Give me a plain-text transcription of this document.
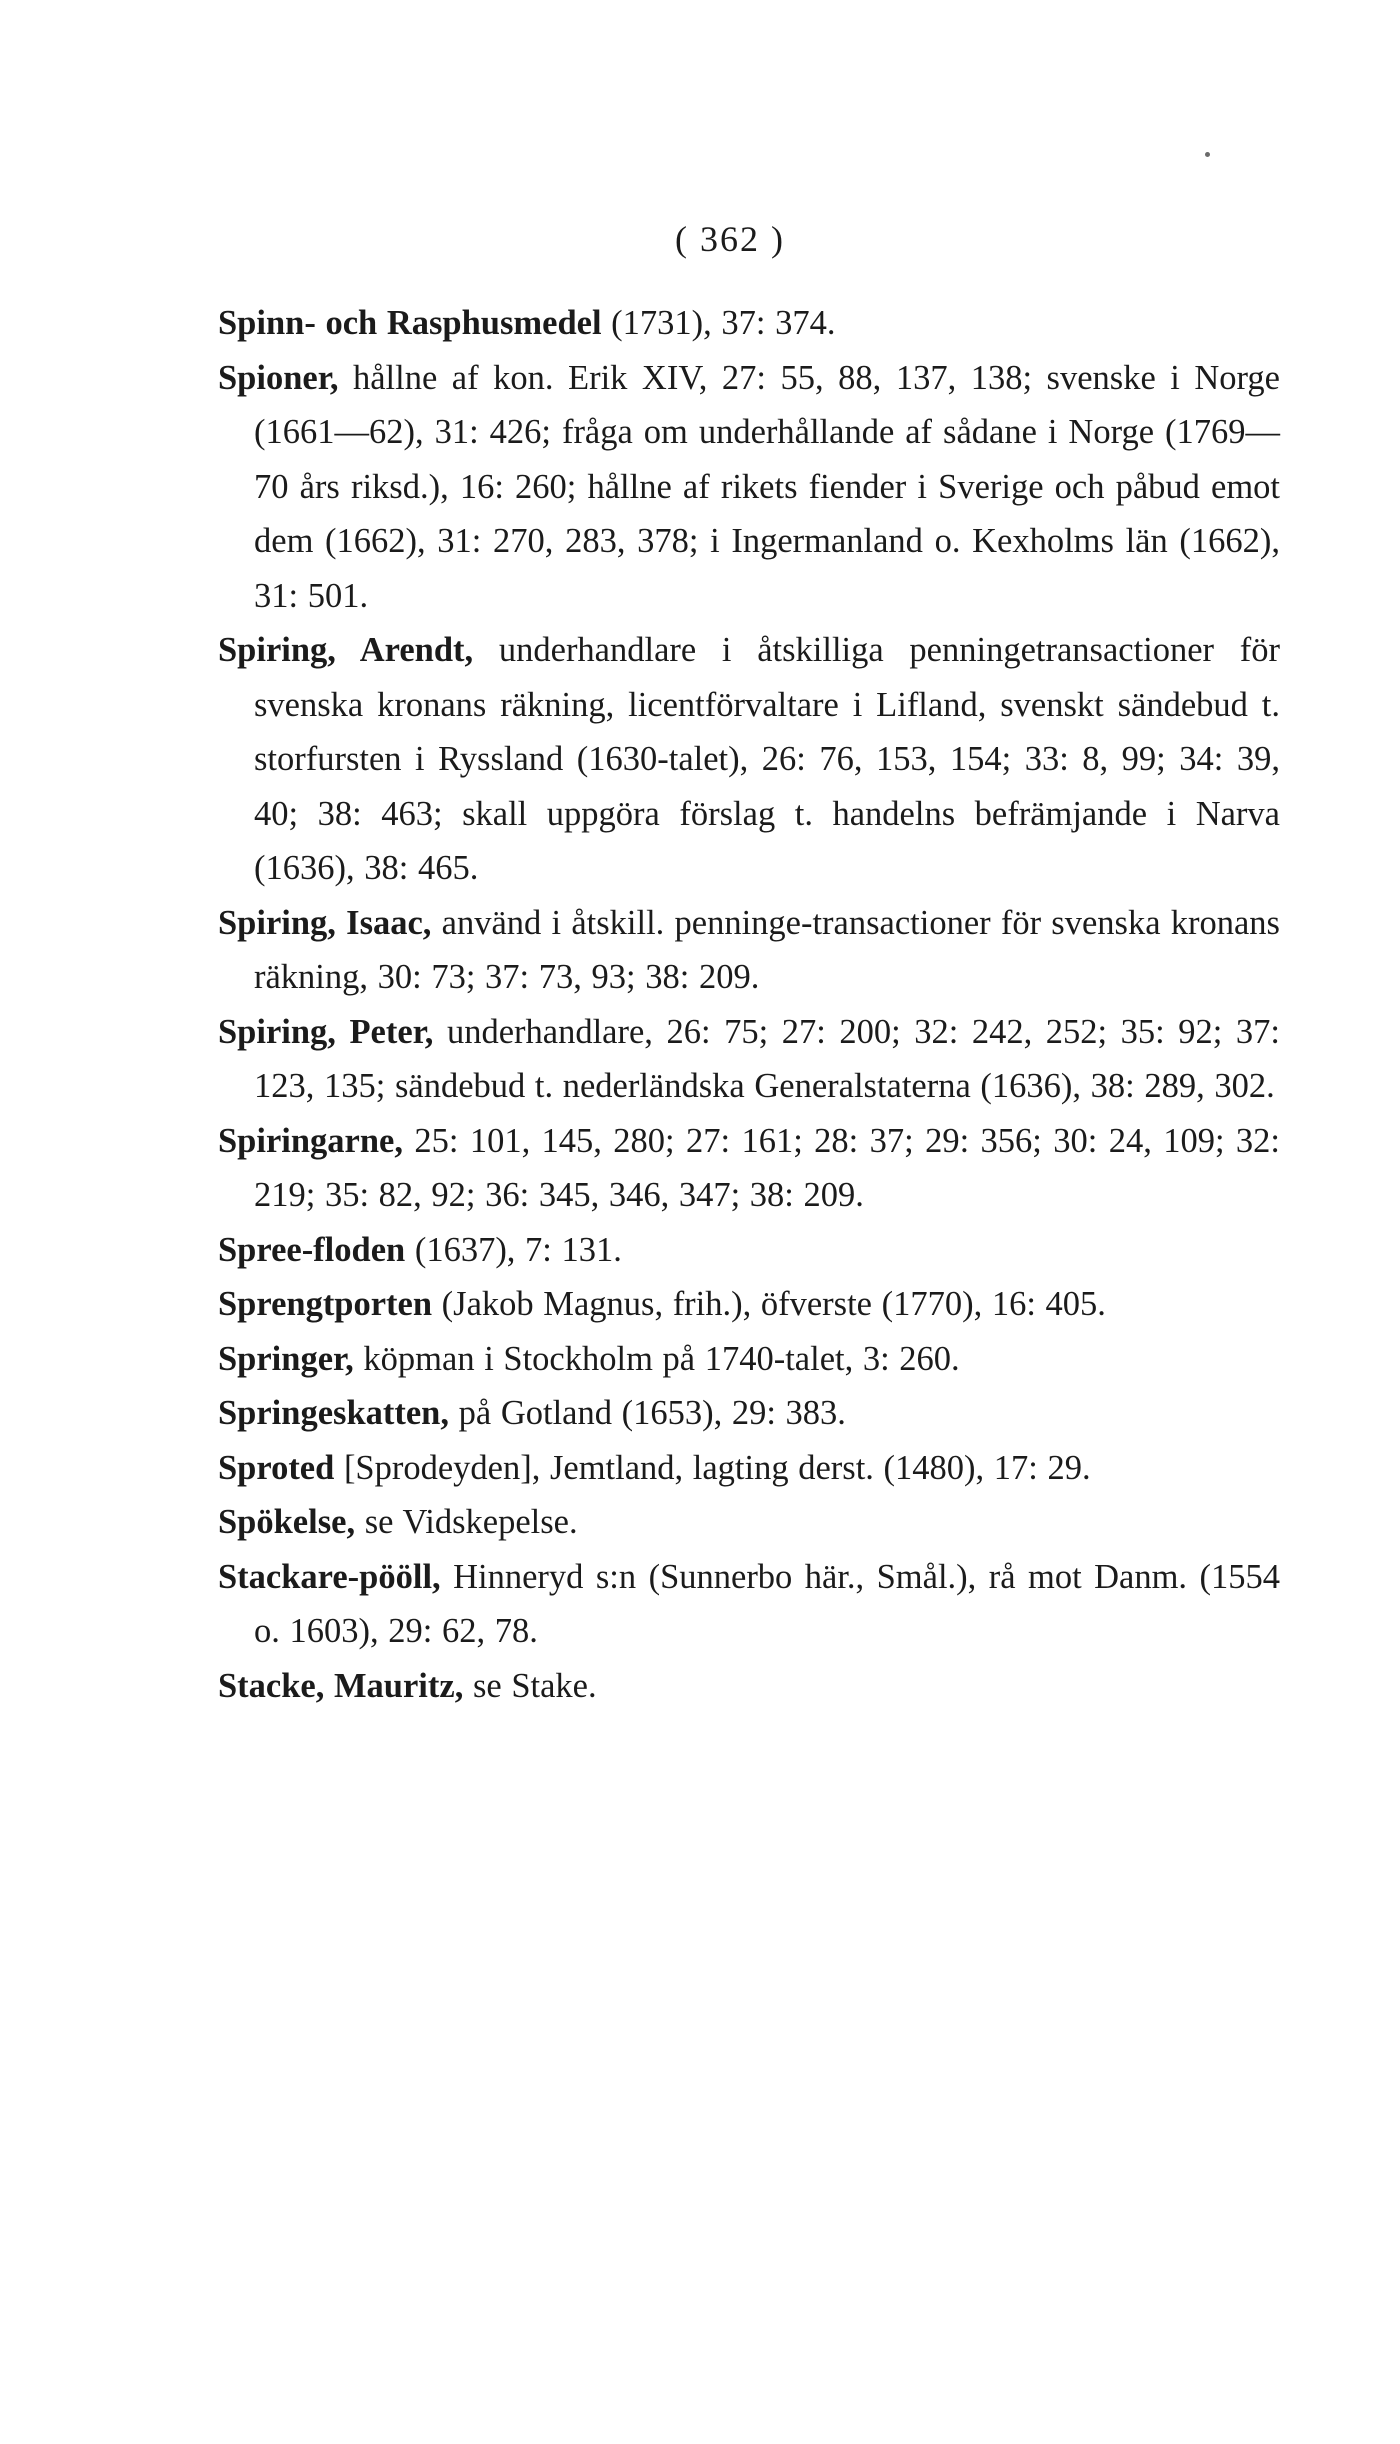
( 362 )

Spinn- och Rasphusmedel (1731), 37: 374.

Spioner, hållne af kon. Erik XIV, 27: 55, 88, 137, 138; svenske i Norge (1661—62), 31: 426; fråga om underhållande af sådane i Norge (1769—70 års riksd.), 16: 260; hållne af rikets fiender i Sverige och påbud emot dem (1662), 31: 270, 283, 378; i Ingermanland o. Kexholms län (1662), 31: 501.

Spiring, Arendt, underhandlare i åtskilliga penningetransactioner för svenska kronans räkning, licentförvaltare i Lifland, svenskt sändebud t. storfursten i Ryssland (1630-talet), 26: 76, 153, 154; 33: 8, 99; 34: 39, 40; 38: 463; skall uppgöra förslag t. handelns befrämjande i Narva (1636), 38: 465.

Spiring, Isaac, använd i åtskill. penninge-transactioner för svenska kronans räkning, 30: 73; 37: 73, 93; 38: 209.

Spiring, Peter, underhandlare, 26: 75; 27: 200; 32: 242, 252; 35: 92; 37: 123, 135; sändebud t. nederländska Generalstaterna (1636), 38: 289, 302.

Spiringarne, 25: 101, 145, 280; 27: 161; 28: 37; 29: 356; 30: 24, 109; 32: 219; 35: 82, 92; 36: 345, 346, 347; 38: 209.

Spree-floden (1637), 7: 131.

Sprengtporten (Jakob Magnus, frih.), öfverste (1770), 16: 405.

Springer, köpman i Stockholm på 1740-talet, 3: 260.

Springeskatten, på Gotland (1653), 29: 383.

Sproted [Sprodeyden], Jemtland, lagting derst. (1480), 17: 29.

Spökelse, se Vidskepelse.

Stackare-pööll, Hinneryd s:n (Sunnerbo här., Smål.), rå mot Danm. (1554 o. 1603), 29: 62, 78.

Stacke, Mauritz, se Stake.
